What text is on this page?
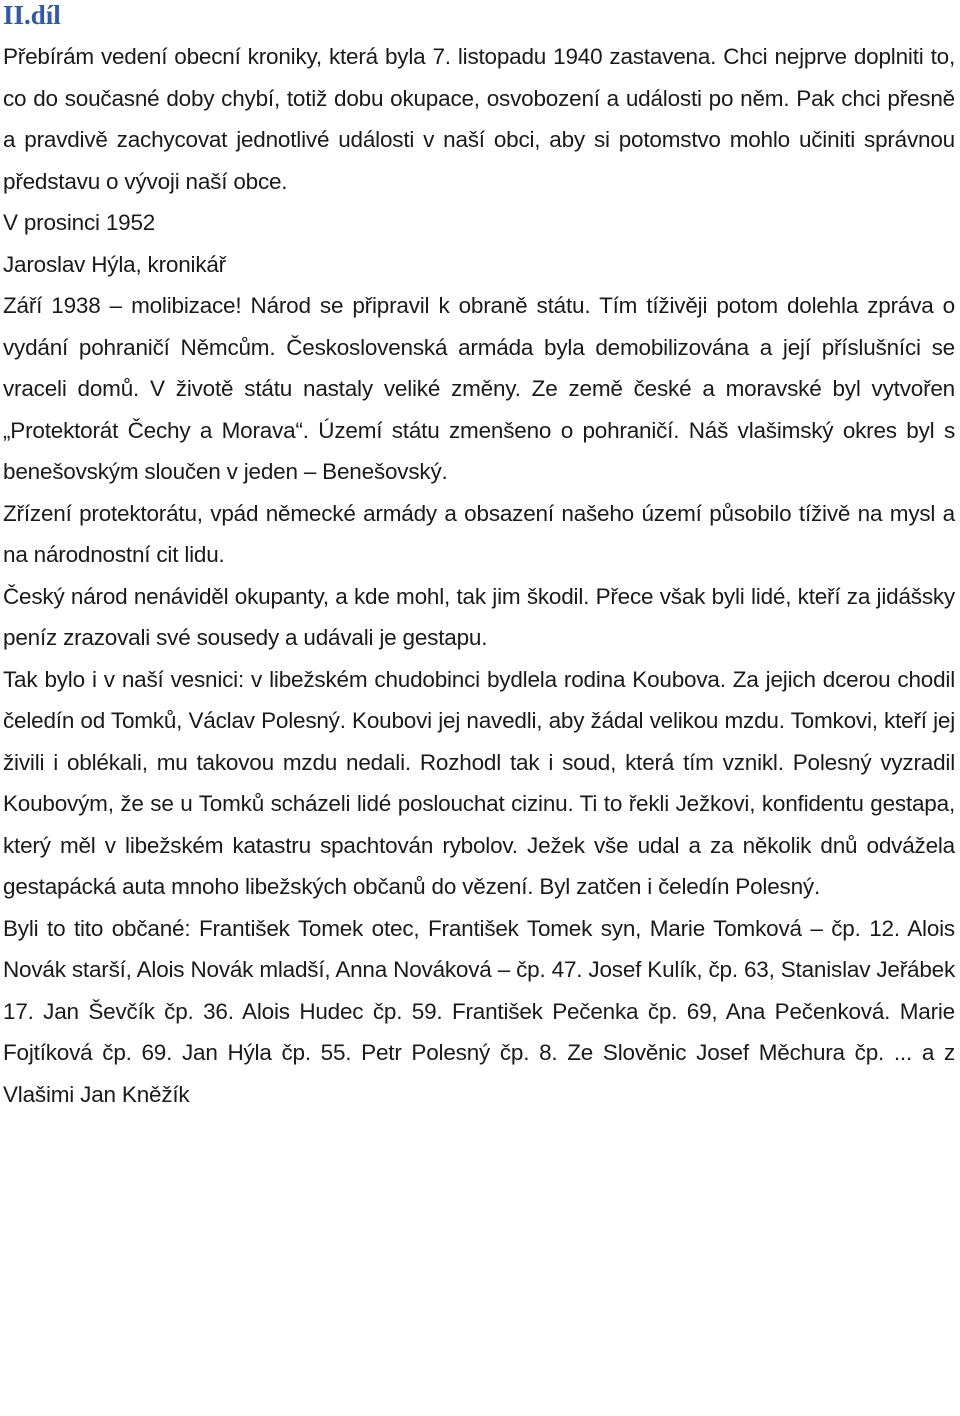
II.díl

Přebírám vedení obecní kroniky, která byla 7. listopadu 1940 zastavena. Chci nejprve doplniti to, co do současné doby chybí, totiž dobu okupace, osvobození a události po něm. Pak chci přesně a pravdivě zachycovat jednotlivé události v naší obci, aby si potomstvo mohlo učiniti správnou představu o vývoji naší obce.

V prosinci 1952

Jaroslav Hýla, kronikář

Září 1938 – molibizace! Národ se připravil k obraně státu. Tím tíživěji potom dolehla zpráva o vydání pohraničí Němcům. Československá armáda byla demobilizována a její příslušníci se vraceli domů. V životě státu nastaly veliké změny. Ze země české a moravské byl vytvořen „Protektorát Čechy a Morava“. Území státu zmenšeno o pohraničí. Náš vlašimský okres byl s benešovským sloučen v jeden – Benešovský.

Zřízení protektorátu, vpád německé armády a obsazení našeho území působilo tíživě na mysl a na národnostní cit lidu.

Český národ nenáviděl okupanty, a kde mohl, tak jim škodil. Přece však byli lidé, kteří za jidášsky peníz zrazovali své sousedy a udávali je gestapu.

Tak bylo i v naší vesnici: v libežském chudobinci bydlela rodina Koubova. Za jejich dcerou chodil čeledín od Tomků, Václav Polesný. Koubovi jej navedli, aby žádal velikou mzdu. Tomkovi, kteří jej živili i oblékali, mu takovou mzdu nedali. Rozhodl tak i soud, která tím vznikl. Polesný vyzradil Koubovým, že se u Tomků scházeli lidé poslouchat cizinu. Ti to řekli Ježkovi, konfidentu gestapa, který měl v libežském katastru spachtován rybolov. Ježek vše udal a za několik dnů odvážela gestapácká auta mnoho libežských občanů do vězení. Byl zatčen i čeledín Polesný.

Byli to tito občané: František Tomek otec, František Tomek syn, Marie Tomková – čp. 12. Alois Novák starší, Alois Novák mladší, Anna Nováková – čp. 47. Josef Kulík, čp. 63, Stanislav Jeřábek 17. Jan Ševčík čp. 36. Alois Hudec čp. 59. František Pečenka čp. 69, Ana Pečenková. Marie Fojtíková čp. 69. Jan Hýla čp. 55. Petr Polesný čp. 8. Ze Slověnic Josef Měchura čp. ... a z Vlašimi Jan Kněžík
